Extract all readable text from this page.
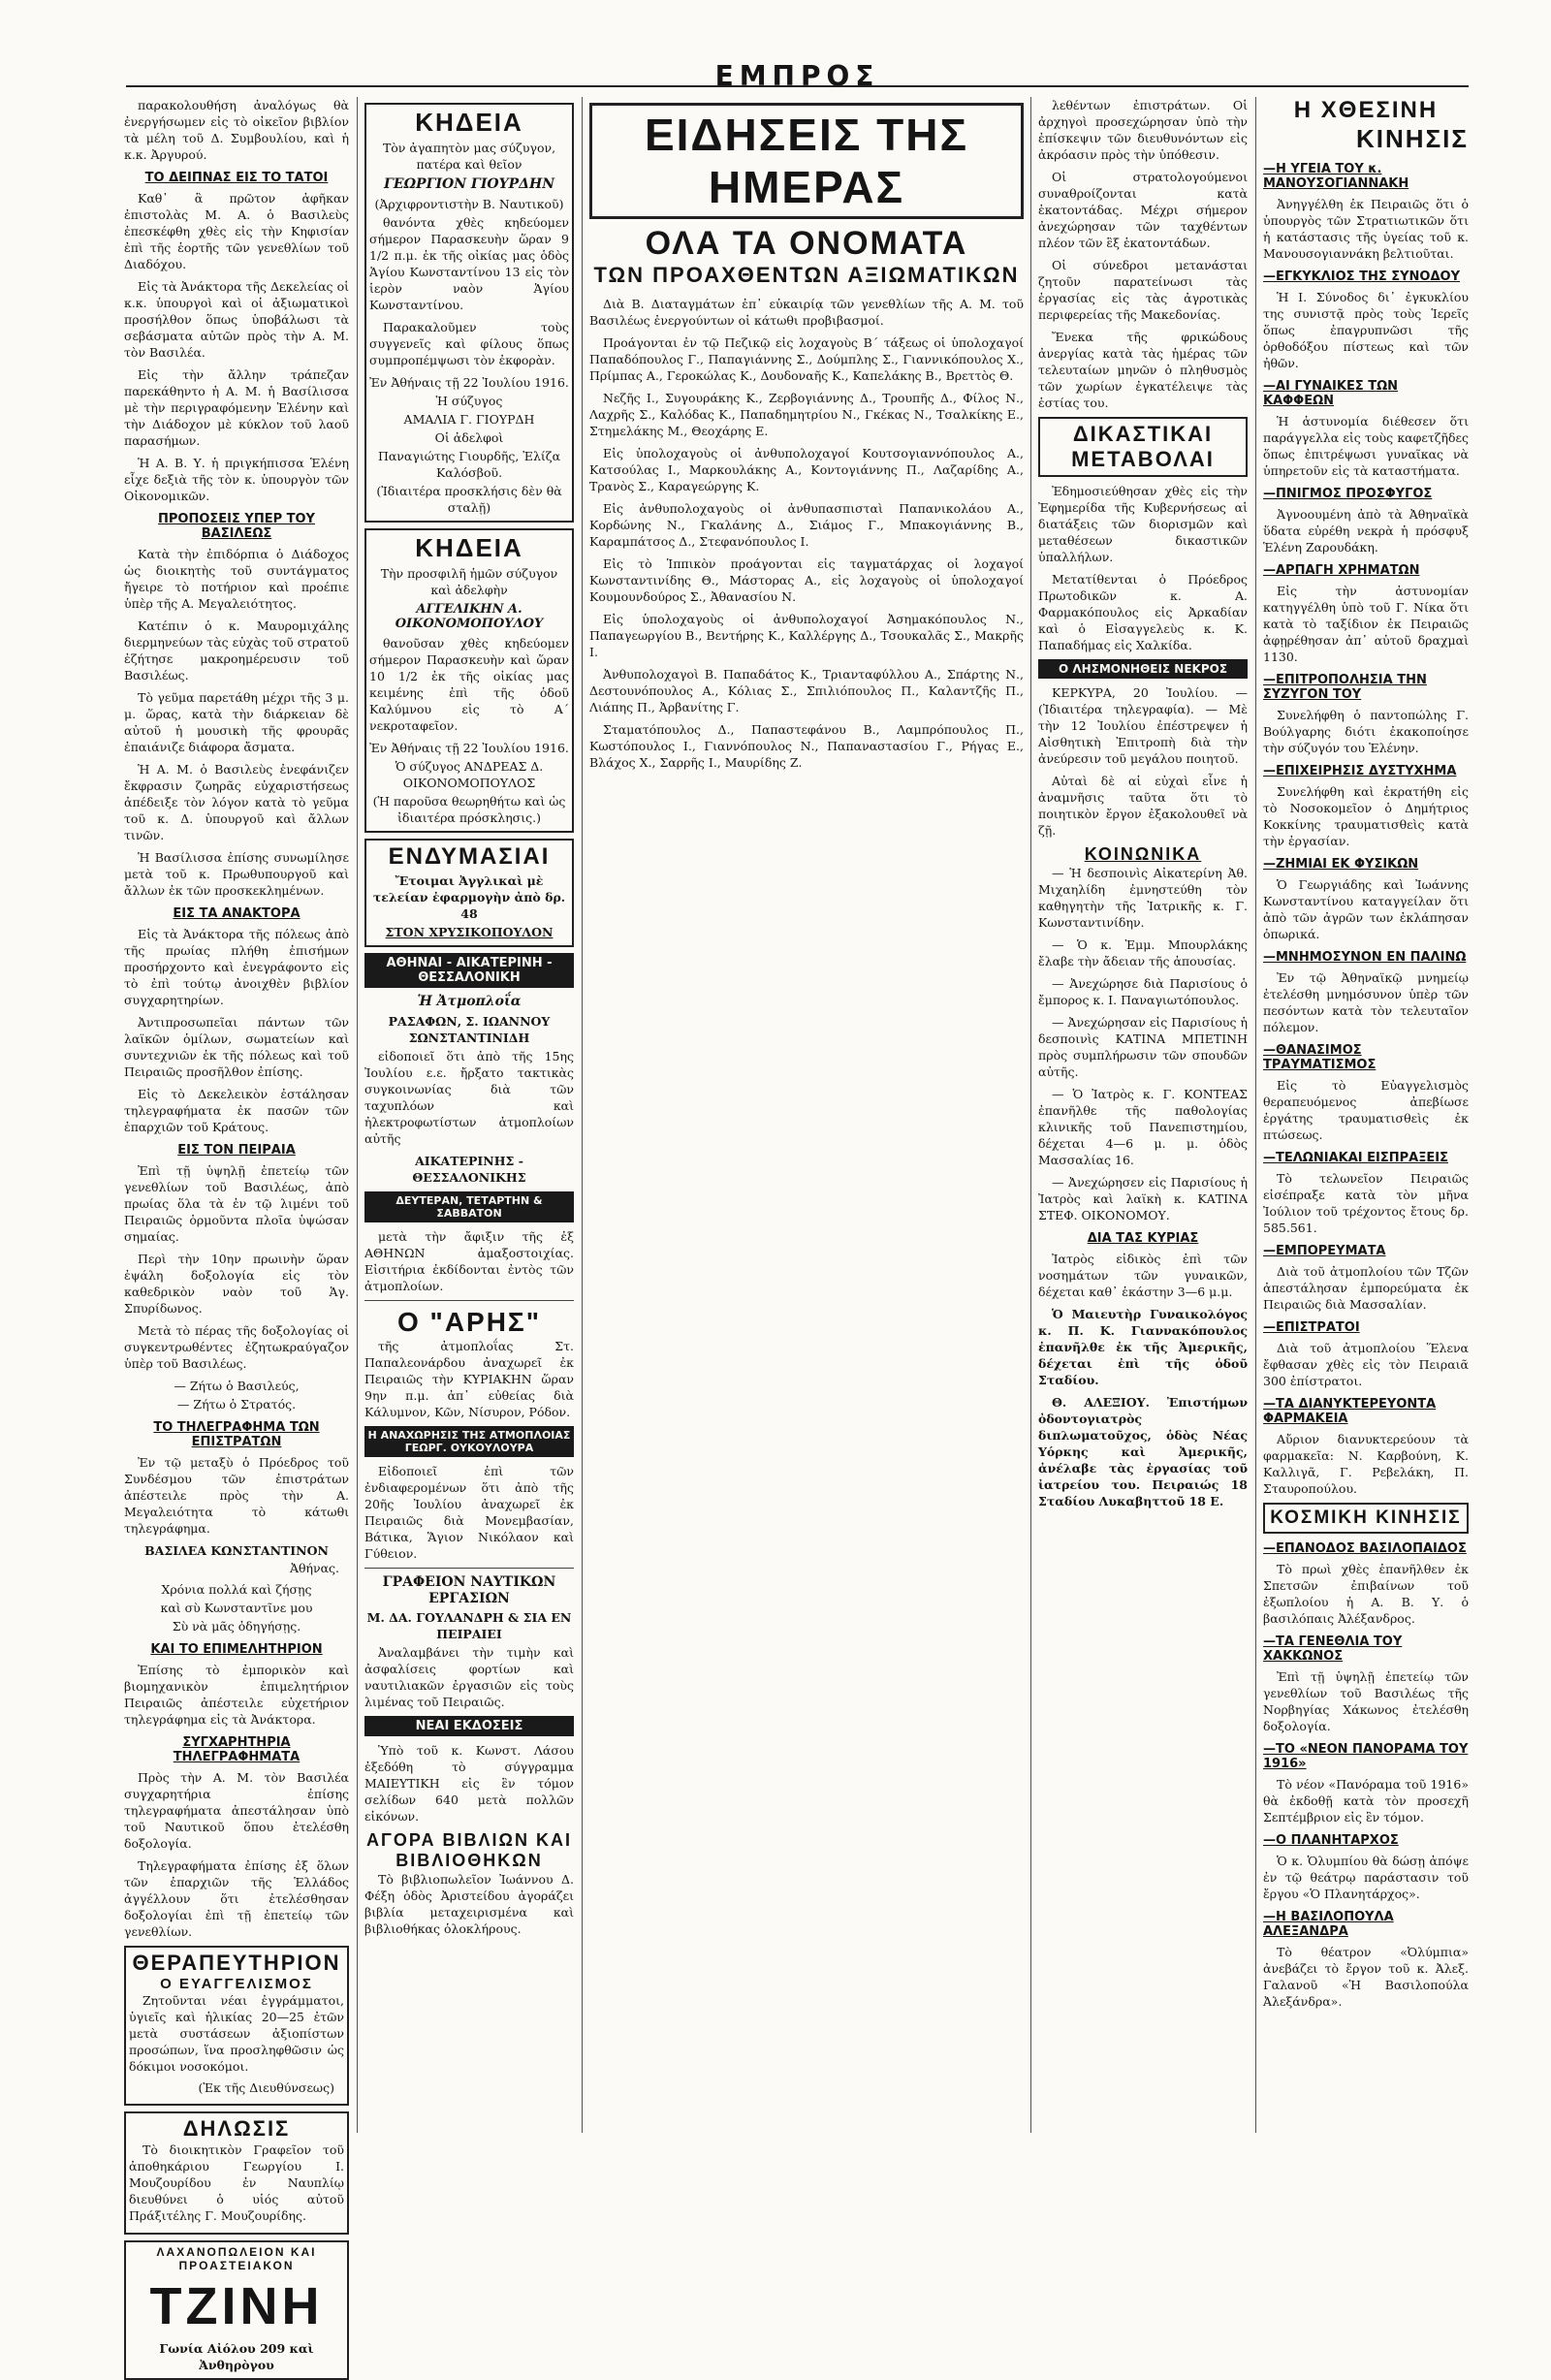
ΕΜΠΡΟΣ

παρακολουθήση ἀναλόγως θὰ ἐνεργήσωμεν εἰς τὸ οἰκεῖον βιβλίον τὰ μέλη τοῦ Δ. Συμβουλίου, καὶ ἡ κ.κ. Ἀργυρού.

ΤΟ ΔΕΙΠΝΑΣ ΕΙΣ ΤΟ ΤΑΤΟΙ

Καθ᾿ ἃ πρῶτον ἀφῆκαν ἐπιστολὰς Μ. Α. ὁ Βασιλεὺς ἐπεσκέφθη χθὲς εἰς τὴν Κηφισίαν ἐπὶ τῆς ἑορτῆς τῶν γενεθλίων τοῦ Διαδόχου.

Εἰς τὰ Ἀνάκτορα τῆς Δεκελείας οἱ κ.κ. ὑπουργοὶ καὶ οἱ ἀξιωματικοὶ προσήλθον ὅπως ὑποβάλωσι τὰ σεβάσματα αὐτῶν πρὸς τὴν Α. Μ. τὸν Βασιλέα.

Εἰς τὴν ἄλλην τράπεζαν παρεκάθηντο ἡ Α. Μ. ἡ Βασίλισσα μὲ τὴν περιγραφόμενην Ἑλένην καὶ τὴν Διάδοχον μὲ κύκλον τοῦ λαοῦ παρασήμων.

Ἡ Α. Β. Υ. ἡ πριγκήπισσα Ἑλένη εἶχε δεξιὰ τῆς τὸν κ. ὑπουργὸν τῶν Οἰκονομικῶν.

ΠΡΟΠΟΣΕΙΣ ΥΠΕΡ ΤΟΥ ΒΑΣΙΛΕΩΣ

Κατὰ τὴν ἐπιδόρπια ὁ Διάδοχος ὡς διοικητὴς τοῦ συντάγματος ἤγειρε τὸ ποτήριον καὶ προέπιε ὑπὲρ τῆς Α. Μεγαλειότητος.

Κατέπιν ὁ κ. Μαυρομιχάλης διερμηνεύων τὰς εὐχὰς τοῦ στρατοῦ ἐζήτησε μακροημέρευσιν τοῦ Βασιλέως.

Τὸ γεῦμα παρετάθη μέχρι τῆς 3 μ. μ. ὥρας, κατὰ τὴν διάρκειαν δὲ αὐτοῦ ἡ μουσικὴ τῆς φρουρᾶς ἐπαιάνιζε διάφορα ἄσματα.

Ἡ Α. Μ. ὁ Βασιλεὺς ἐνεφάνιζεν ἔκφρασιν ζωηρᾶς εὐχαριστήσεως ἀπέδειξε τὸν λόγον κατὰ τὸ γεῦμα τοῦ κ. Δ. ὑπουργοῦ καὶ ἄλλων τινῶν.

Ἡ Βασίλισσα ἐπίσης συνωμίλησε μετὰ τοῦ κ. Πρωθυπουργοῦ καὶ ἄλλων ἐκ τῶν προσκεκλημένων.

ΕΙΣ ΤΑ ΑΝΑΚΤΟΡΑ

Εἰς τὰ Ἀνάκτορα τῆς πόλεως ἀπὸ τῆς πρωίας πλήθη ἐπισήμων προσήρχοντο καὶ ἐνεγράφοντο εἰς τὸ ἐπὶ τούτῳ ἀνοιχθὲν βιβλίον συγχαρητηρίων.

Ἀντιπροσωπεῖαι πάντων τῶν λαϊκῶν ὁμίλων, σωματείων καὶ συντεχνιῶν ἐκ τῆς πόλεως καὶ τοῦ Πειραιῶς προσῆλθον ἐπίσης.

Εἰς τὸ Δεκελεικὸν ἐστάλησαν τηλεγραφήματα ἐκ πασῶν τῶν ἐπαρχιῶν τοῦ Κράτους.

ΕΙΣ ΤΟΝ ΠΕΙΡΑΙΑ

Ἐπὶ τῇ ὑψηλῇ ἐπετείῳ τῶν γενεθλίων τοῦ Βασιλέως, ἀπὸ πρωίας ὅλα τὰ ἐν τῷ λιμένι τοῦ Πειραιῶς ὁρμοῦντα πλοῖα ὑψώσαν σημαίας.

Περὶ τὴν 10ην πρωινὴν ὥραν ἐψάλη δοξολογία εἰς τὸν καθεδρικὸν ναὸν τοῦ Ἁγ. Σπυρίδωνος.

Μετὰ τὸ πέρας τῆς δοξολογίας οἱ συγκεντρωθέντες ἐζητωκραύγαζον ὑπὲρ τοῦ Βασιλέως.

— Ζήτω ὁ Βασιλεύς,
— Ζήτω ὁ Στρατός.
ΤΟ ΤΗΛΕΓΡΑΦΗΜΑ ΤΩΝ ΕΠΙΣΤΡΑΤΩΝ

Ἐν τῷ μεταξὺ ὁ Πρόεδρος τοῦ Συνδέσμου τῶν ἐπιστράτων ἀπέστειλε πρὸς τὴν Α. Μεγαλειότητα τὸ κάτωθι τηλεγράφημα.

ΒΑΣΙΛΕΑ ΚΩΝΣΤΑΝΤΙΝΟΝ
Ἀθήνας.
Χρόνια πολλά καὶ ζήσῃς
καὶ σὺ Κωνσταντῖνε μου
Σὺ νὰ μᾶς ὁδηγήσῃς.
ΚΑΙ ΤΟ ΕΠΙΜΕΛΗΤΗΡΙΟΝ

Ἐπίσης τὸ ἐμπορικὸν καὶ βιομηχανικὸν ἐπιμελητήριον Πειραιῶς ἀπέστειλε εὐχετήριον τηλεγράφημα εἰς τὰ Ἀνάκτορα.

ΣΥΓΧΑΡΗΤΗΡΙΑ ΤΗΛΕΓΡΑΦΗΜΑΤΑ

Πρὸς τὴν Α. Μ. τὸν Βασιλέα συγχαρητήρια ἐπίσης τηλεγραφήματα ἀπεστάλησαν ὑπὸ τοῦ Ναυτικοῦ ὅπου ἐτελέσθη δοξολογία.

Τηλεγραφήματα ἐπίσης ἐξ ὅλων τῶν ἐπαρχιῶν τῆς Ἑλλάδος ἀγγέλλουν ὅτι ἐτελέσθησαν δοξολογίαι ἐπὶ τῇ ἐπετείῳ τῶν γενεθλίων.

ΘΕΡΑΠΕΥΤΗΡΙΟΝ
Ο ΕΥΑΓΓΕΛΙΣΜΟΣ

Ζητοῦνται νέαι ἐγγράμματοι, ὑγιεῖς καὶ ἡλικίας 20—25 ἐτῶν μετὰ συστάσεων ἀξιοπίστων προσώπων, ἵνα προσληφθῶσιν ὡς δόκιμοι νοσοκόμοι.

(Ἐκ τῆς Διευθύνσεως)
ΔΗΛΩΣΙΣ

Τὸ διοικητικὸν Γραφεῖον τοῦ ἀποθηκάριου Γεωργίου Ι. Μουζουρίδου ἐν Ναυπλίῳ διευθύνει ὁ υἱός αὐτοῦ Πράξιτέλης Γ. Μουζουρίδης.

ΛΑΧΑΝΟΠΩΛΕΙΟΝ ΚΑΙ ΠΡΟΑΣΤΕΙΑΚΟΝ
ΤΖΙΝΗ
Γωνία Αἰόλου 209 καὶ Ἀνθηρὸγου
ΚΗΔΕΙΑ
Τὸν ἀγαπητὸν μας σύζυγον, πατέρα καὶ θεῖον
ΓΕΩΡΓΙΟΝ ΓΙΟΥΡΔΗΝ
(Ἀρχιφροντιστὴν Β. Ναυτικοῦ)

θανόντα χθὲς κηδεύομεν σήμερον Παρασκευὴν ὥραν 9 1/2 π.μ. ἐκ τῆς οἰκίας μας ὁδὸς Ἁγίου Κωνσταντίνου 13 εἰς τὸν ἱερὸν ναὸν Ἁγίου Κωνσταντίνου.

Παρακαλοῦμεν τοὺς συγγενεῖς καὶ φίλους ὅπως συμπροπέμψωσι τὸν ἐκφορὰν.

Ἐν Ἀθήναις τῇ 22 Ἰουλίου 1916.
Ἡ σύζυγος
ΑΜΑΛΙΑ Γ. ΓΙΟΥΡΔΗ
Οἱ ἀδελφοὶ
Παναγιώτης Γιουρδῆς, Ἐλίζα Καλόσβοῦ.
(Ἰδιαιτέρα προσκλήσις δὲν θὰ σταλῇ)
ΚΗΔΕΙΑ
Τὴν προσφιλῆ ἡμῶν σύζυγον καὶ ἀδελφὴν
ΑΓΓΕΛΙΚΗΝ Α. ΟΙΚΟΝΟΜΟΠΟΥΛΟΥ

θανοῦσαν χθὲς κηδεύομεν σήμερον Παρασκευὴν καὶ ὥραν 10 1/2 ἐκ τῆς οἰκίας μας κειμένης ἐπὶ τῆς ὁδοῦ Καλύμνου εἰς τὸ Α΄ νεκροταφεῖον.

Ἐν Ἀθήναις τῇ 22 Ἰουλίου 1916.
Ὁ σύζυγος ΑΝΔΡΕΑΣ Δ. ΟΙΚΟΝΟΜΟΠΟΥΛΟΣ
(Ἡ παροῦσα θεωρηθήτω καὶ ὡς ἰδιαιτέρα πρόσκλησις.)
ΕΝΔΥΜΑΣΙΑΙ
Ἔτοιμαι Ἀγγλικαὶ μὲ τελείαν ἐφαρμογὴν ἀπὸ δρ. 48
ΣΤΟΝ ΧΡΥΣΙΚΟΠΟΥΛΟΝ
ΑΘΗΝΑΙ - ΑΙΚΑΤΕΡΙΝΗ - ΘΕΣΣΑΛΟΝΙΚΗ
Ἡ Ἀτμοπλοΐα
ΡΑΣΑΦΩΝ, Σ. ΙΩΑΝΝΟΥ ΣΩΝΣΤΑΝΤΙΝΙΔΗ

εἰδοποιεῖ ὅτι ἀπὸ τῆς 15ης Ἰουλίου ε.ε. ἤρξατο τακτικὰς συγκοινωνίας διὰ τῶν ταχυπλόων καὶ ἠλεκτροφωτίστων ἀτμοπλοίων αὐτῆς

ΑΙΚΑΤΕΡΙΝΗΣ - ΘΕΣΣΑΛΟΝΙΚΗΣ
ΔΕΥΤΕΡΑΝ, ΤΕΤΑΡΤΗΝ & ΣΑΒΒΑΤΟΝ

μετὰ τὴν ἄφιξιν τῆς ἐξ ΑΘΗΝΩΝ ἁμαξοστοιχίας. Εἰσιτήρια ἐκδίδονται ἐντὸς τῶν ἀτμοπλοίων.

Ο "ΑΡΗΣ"

τῆς ἀτμοπλοΐας Στ. Παπαλεονάρδου ἀναχωρεῖ ἐκ Πειραιῶς τὴν ΚΥΡΙΑΚΗΝ ὥραν 9ην π.μ. ἀπ᾿ εὐθείας διὰ Κάλυμνον, Κῶν, Νίσυρον, Ρόδον.

Η ΑΝΑΧΩΡΗΣΙΣ ΤΗΣ ΑΤΜΟΠΛΟΙΑΣ ΓΕΩΡΓ. ΟΥΚΟΥΛΟΥΡΑ

Εἰδοποιεῖ ἐπὶ τῶν ἐνδιαφερομένων ὅτι ἀπὸ τῆς 20ῆς Ἰουλίου ἀναχωρεῖ ἐκ Πειραιῶς διὰ Μονεμβασίαν, Βάτικα, Ἅγιον Νικόλαον καὶ Γύθειον.

ΓΡΑΦΕΙΟΝ ΝΑΥΤΙΚΩΝ ΕΡΓΑΣΙΩΝ
Μ. ΔΑ. ΓΟΥΛΑΝΔΡΗ & ΣΙΑ ΕΝ ΠΕΙΡΑΙΕΙ

Ἀναλαμβάνει τὴν τιμὴν καὶ ἀσφαλίσεις φορτίων καὶ ναυτιλιακῶν ἐργασιῶν εἰς τοὺς λιμένας τοῦ Πειραιῶς.

ΝΕΑΙ ΕΚΔΟΣΕΙΣ

Ὑπὸ τοῦ κ. Κωνστ. Λάσου ἐξεδόθη τὸ σύγγραμμα ΜΑΙΕΥΤΙΚΗ εἰς ἓν τόμον σελίδων 640 μετὰ πολλῶν εἰκόνων.

ΑΓΟΡΑ ΒΙΒΛΙΩΝ ΚΑΙ ΒΙΒΛΙΟΘΗΚΩΝ

Τὸ βιβλιοπωλεῖον Ἰωάννου Δ. Φέξη ὁδὸς Ἀριστείδου ἀγοράζει βιβλία μεταχειρισμένα καὶ βιβλιοθήκας ὁλοκλήρους.

ΕΙΔΗΣΕΙΣ ΤΗΣ ΗΜΕΡΑΣ
ΟΛΑ ΤΑ ΟΝΟΜΑΤΑ
ΤΩΝ ΠΡΟΑΧΘΕΝΤΩΝ ΑΞΙΩΜΑΤΙΚΩΝ

Διὰ Β. Διαταγμάτων ἐπ᾿ εὐκαιρίᾳ τῶν γενεθλίων τῆς Α. Μ. τοῦ Βασιλέως ἐνεργούντων οἱ κάτωθι προβιβασμοί.

Προάγονται ἐν τῷ Πεζικῷ εἰς λοχαγοὺς Β΄ τάξεως οἱ ὑπολοχαγοί Παπαδόπουλος Γ., Παπαγιάννης Σ., Δούμπλης Σ., Γιαννικόπουλος Χ., Πρίμπας Α., Γεροκώλας Κ., Δουδοναῆς Κ., Καπελάκης Β., Βρεττὸς Θ.

Νεζῆς Ι., Συγουράκης Κ., Ζερβογιάννης Δ., Τρουπῆς Δ., Φίλος Ν., Λαχρῆς Σ., Καλόδας Κ., Παπαδημητρίου Ν., Γκέκας Ν., Τσαλκίκης Ε., Στημελάκης Μ., Θεοχάρης Ε.

Εἰς ὑπολοχαγοὺς οἱ ἀνθυπολοχαγοί Κουτσογιαννόπουλος Α., Κατσούλας Ι., Μαρκουλάκης Α., Κοντογιάννης Π., Λαζαρίδης Α., Τρανὸς Σ., Καραγεώργης Κ.

Εἰς ἀνθυπολοχαγοὺς οἱ ἀνθυπασπισταὶ Παπανικολάου Α., Κορδώνης Ν., Γκαλάνης Δ., Σιάμος Γ., Μπακογιάννης Β., Καραμπάτσος Δ., Στεφανόπουλος Ι.

Εἰς τὸ Ἱππικὸν προάγονται εἰς ταγματάρχας οἱ λοχαγοί Κωνσταντινίδης Θ., Μάστορας Α., εἰς λοχαγοὺς οἱ ὑπολοχαγοί Κουμουνδούρος Σ., Ἀθανασίου Ν.

Εἰς ὑπολοχαγοὺς οἱ ἀνθυπολοχαγοί Ἀσημακόπουλος Ν., Παπαγεωργίου Β., Βεντήρης Κ., Καλλέργης Δ., Τσουκαλᾶς Σ., Μακρῆς Ι.

Ἀνθυπολοχαγοὶ Β. Παπαδάτος Κ., Τριανταφύλλου Α., Σπάρτης Ν., Δεστουνόπουλος Α., Κόλιας Σ., Σπιλιόπουλος Π., Καλαντζῆς Π., Λιάπης Π., Ἀρβανίτης Γ.

Σταματόπουλος Δ., Παπαστεφάνου Β., Λαμπρόπουλος Π., Κωστόπουλος Ι., Γιαννόπουλος Ν., Παπαναστασίου Γ., Ρήγας Ε., Βλάχος Χ., Σαρρῆς Ι., Μαυρίδης Ζ.

λεθέντων ἐπιστράτων. Οἱ ἀρχηγοὶ προσεχώρησαν ὑπὸ τὴν ἐπίσκεψιν τῶν διευθυνόντων εἰς ἀκρόασιν πρὸς τὴν ὑπόθεσιν.

Οἱ στρατολογούμενοι συναθροίζονται κατὰ ἑκατοντάδας. Μέχρι σήμερον ἀνεχώρησαν τῶν ταχθέντων πλέον τῶν ἓξ ἑκατοντάδων.

Οἱ σύνεδροι μετανάσται ζητοῦν παρατείνωσι τὰς ἐργασίας εἰς τὰς ἀγροτικὰς περιφερείας τῆς Μακεδονίας.

Ἔνεκα τῆς φρικώδους ἀνεργίας κατὰ τὰς ἡμέρας τῶν τελευταίων μηνῶν ὁ πληθυσμὸς τῶν χωρίων ἐγκατέλειψε τὰς ἑστίας του.

ΔΙΚΑΣΤΙΚΑΙ
ΜΕΤΑΒΟΛΑΙ

Ἐδημοσιεύθησαν χθὲς εἰς τὴν Ἐφημερίδα τῆς Κυβερνήσεως αἱ διατάξεις τῶν διορισμῶν καὶ μεταθέσεων δικαστικῶν ὑπαλλήλων.

Μετατίθενται ὁ Πρόεδρος Πρωτοδικῶν κ. Α. Φαρμακόπουλος εἰς Ἀρκαδίαν καὶ ὁ Εἰσαγγελεὺς κ. Κ. Παπαδήμας εἰς Χαλκίδα.

Ο ΛΗΣΜΟΝΗΘΕΙΣ ΝΕΚΡΟΣ

ΚΕΡΚΥΡΑ, 20 Ἰουλίου. — (Ἰδιαιτέρα τηλεγραφία). — Μὲ τὴν 12 Ἰουλίου ἐπέστρεψεν ἡ Αἰσθητικὴ Ἐπιτροπὴ διὰ τὴν ἀνεύρεσιν τοῦ μεγάλου ποιητοῦ.

Αὐταὶ δὲ αἱ εὐχαὶ εἶνε ἡ ἀναμνῆσις ταῦτα ὅτι τὸ ποιητικὸν ἔργον ἐξακολουθεῖ νὰ ζῇ.

ΚΟΙΝΩΝΙΚΑ

— Ἡ δεσποινὶς Αἰκατερίνη Ἀθ. Μιχαηλίδη ἐμνηστεύθη τὸν καθηγητὴν τῆς Ἰατρικῆς κ. Γ. Κωνσταντινίδην.

— Ὁ κ. Ἐμμ. Μπουρλάκης ἔλαβε τὴν ἄδειαν τῆς ἀπουσίας.

— Ἀνεχώρησε διὰ Παρισίους ὁ ἔμπορος κ. Ι. Παναγιωτόπουλος.

— Ἀνεχώρησαν εἰς Παρισίους ἡ δεσποινὶς ΚΑΤΙΝΑ ΜΠΕΤΙΝΗ πρὸς συμπλήρωσιν τῶν σπουδῶν αὐτῆς.

— Ὁ Ἰατρὸς κ. Γ. ΚΟΝΤΕΑΣ ἐπανῆλθε τῆς παθολογίας κλινικῆς τοῦ Πανεπιστημίου, δέχεται 4—6 μ. μ. ὁδὸς Μασσαλίας 16.

— Ἀνεχώρησεν εἰς Παρισίους ἡ Ἰατρὸς καὶ λαϊκὴ κ. ΚΑΤΙΝΑ ΣΤΕΦ. ΟΙΚΟΝΟΜΟΥ.

ΔΙΑ ΤΑΣ ΚΥΡΙΑΣ

Ἰατρὸς εἰδικὸς ἐπὶ τῶν νοσημάτων τῶν γυναικῶν, δέχεται καθ᾿ ἑκάστην 3—6 μ.μ.

Ὁ Μαιευτὴρ Γυναικολόγος κ. Π. Κ. Γιαννακόπουλος ἐπανῆλθε ἐκ τῆς Ἀμερικῆς, δέχεται ἐπὶ τῆς ὁδοῦ Σταδίου.

Θ. ΑΛΕΞΙΟΥ. Ἐπιστήμων ὀδοντογιατρὸς διπλωματοῦχος, ὁδὸς Νέας Υόρκης καὶ Ἀμερικῆς, ἀνέλαβε τὰς ἐργασίας τοῦ ἰατρείου του. Πειραιώς 18 Σταδίου Λυκαβηττοῦ 18 Ε.

Η ΧΘΕΣΙΝΗ
ΚΙΝΗΣΙΣ
—Η ΥΓΕΙΑ ΤΟΥ κ. ΜΑΝΟΥΣΟΓΙΑΝΝΑΚΗ

Ἀνηγγέλθη ἐκ Πειραιῶς ὅτι ὁ ὑπουργὸς τῶν Στρατιωτικῶν ὅτι ἡ κατάστασις τῆς ὑγείας τοῦ κ. Μανουσογιαννάκη βελτιοῦται.

—ΕΓΚΥΚΛΙΟΣ ΤΗΣ ΣΥΝΟΔΟΥ

Ἡ Ι. Σύνοδος δι᾿ ἐγκυκλίου της συνιστᾷ πρὸς τοὺς Ἱερεῖς ὅπως ἐπαγρυπνῶσι τῆς ὀρθοδόξου πίστεως καὶ τῶν ἠθῶν.

—ΑΙ ΓΥΝΑΙΚΕΣ ΤΩΝ ΚΑΦΦΕΩΝ

Ἡ ἀστυνομία διέθεσεν ὅτι παράγγελλα εἰς τοὺς καφετζῆδες ὅπως ἐπιτρέψωσι γυναῖκας νὰ ὑπηρετοῦν εἰς τὰ καταστήματα.

—ΠΝΙΓΜΟΣ ΠΡΟΣΦΥΓΟΣ

Ἀγνοουμένη ἀπὸ τὰ Ἀθηναϊκὰ ὕδατα εὑρέθη νεκρὰ ἡ πρόσφυξ Ἑλένη Ζαρουδάκη.

—ΑΡΠΑΓΗ ΧΡΗΜΑΤΩΝ

Εἰς τὴν ἀστυνομίαν κατηγγέλθη ὑπὸ τοῦ Γ. Νίκα ὅτι κατὰ τὸ ταξίδιον ἐκ Πειραιῶς ἀφῃρέθησαν ἀπ᾿ αὐτοῦ δραχμαὶ 1130.

—ΕΠΙΤΡΟΠΟΛΗΣΙΑ ΤΗΝ ΣΥΖΥΓΟΝ ΤΟΥ

Συνελήφθη ὁ παντοπώλης Γ. Βούλγαρης διότι ἐκακοποίησε τὴν σύζυγόν του Ἑλένην.

—ΕΠΙΧΕΙΡΗΣΙΣ ΔΥΣΤΥΧΗΜΑ

Συνελήφθη καὶ ἐκρατήθη εἰς τὸ Νοσοκομεῖον ὁ Δημήτριος Κοκκίνης τραυματισθεὶς κατὰ τὴν ἐργασίαν.

—ΖΗΜΙΑΙ ΕΚ ΦΥΣΙΚΩΝ

Ὁ Γεωργιάδης καὶ Ἰωάννης Κωνσταντίνου καταγγείλαν ὅτι ἀπὸ τῶν ἀγρῶν των ἐκλάπησαν ὀπωρικά.

—ΜΝΗΜΟΣΥΝΟΝ ΕΝ ΠΑΛΙΝΩ

Ἐν τῷ Ἀθηναϊκῷ μνημείῳ ἐτελέσθη μνημόσυνον ὑπὲρ τῶν πεσόντων κατὰ τὸν τελευταῖον πόλεμον.

—ΘΑΝΑΣΙΜΟΣ ΤΡΑΥΜΑΤΙΣΜΟΣ

Εἰς τὸ Εὐαγγελισμὸς θεραπευόμενος ἀπεβίωσε ἐργάτης τραυματισθεὶς ἐκ πτώσεως.

—ΤΕΛΩΝΙΑΚΑΙ ΕΙΣΠΡΑΞΕΙΣ

Τὸ τελωνεῖον Πειραιῶς εἰσέπραξε κατὰ τὸν μῆνα Ἰούλιον τοῦ τρέχοντος ἔτους δρ. 585.561.

—ΕΜΠΟΡΕΥΜΑΤΑ

Διὰ τοῦ ἀτμοπλοίου τῶν Τζῶν ἀπεστάλησαν ἐμπορεύματα ἐκ Πειραιῶς διὰ Μασσαλίαν.

—ΕΠΙΣΤΡΑΤΟΙ

Διὰ τοῦ ἀτμοπλοίου Ἕλενα ἔφθασαν χθὲς εἰς τὸν Πειραιᾶ 300 ἐπίστρατοι.

—ΤΑ ΔΙΑΝΥΚΤΕΡΕΥΟΝΤΑ ΦΑΡΜΑΚΕΙΑ

Αὔριον διανυκτερεύουν τὰ φαρμακεῖα: Ν. Καρβούνη, Κ. Καλλιγᾶ, Γ. Ρεβελάκη, Π. Σταυροπούλου.

ΚΟΣΜΙΚΗ ΚΙΝΗΣΙΣ
—ΕΠΑΝΟΔΟΣ ΒΑΣΙΛΟΠΑΙΔΟΣ

Τὸ πρωὶ χθὲς ἐπανῆλθεν ἐκ Σπετσῶν ἐπιβαίνων τοῦ ἐξωπλοίου ἡ Α. Β. Υ. ὁ βασιλόπαις Ἀλέξανδρος.

—ΤΑ ΓΕΝΕΘΛΙΑ ΤΟΥ ΧΑΚΚΩΝΟΣ

Ἐπὶ τῇ ὑψηλῇ ἐπετείῳ τῶν γενεθλίων τοῦ Βασιλέως τῆς Νορβηγίας Χάκωνος ἐτελέσθη δοξολογία.

—ΤΟ «ΝΕΟΝ ΠΑΝΟΡΑΜΑ ΤΟΥ 1916»

Τὸ νέον «Πανόραμα τοῦ 1916» θὰ ἐκδοθῇ κατὰ τὸν προσεχῆ Σεπτέμβριον εἰς ἓν τόμον.

—Ο ΠΛΑΝΗΤΑΡΧΟΣ

Ὁ κ. Ὁλυμπίου θὰ δώσῃ ἀπόψε ἐν τῷ θεάτρῳ παράστασιν τοῦ ἔργου «Ὁ Πλανητάρχος».

—Η ΒΑΣΙΛΟΠΟΥΛΑ ΑΛΕΞΑΝΔΡΑ

Τὸ θέατρον «Ὀλύμπια» ἀνεβάζει τὸ ἔργον τοῦ κ. Ἀλεξ. Γαλανοῦ «Ἡ Βασιλοπούλα Ἀλεξάνδρα».
